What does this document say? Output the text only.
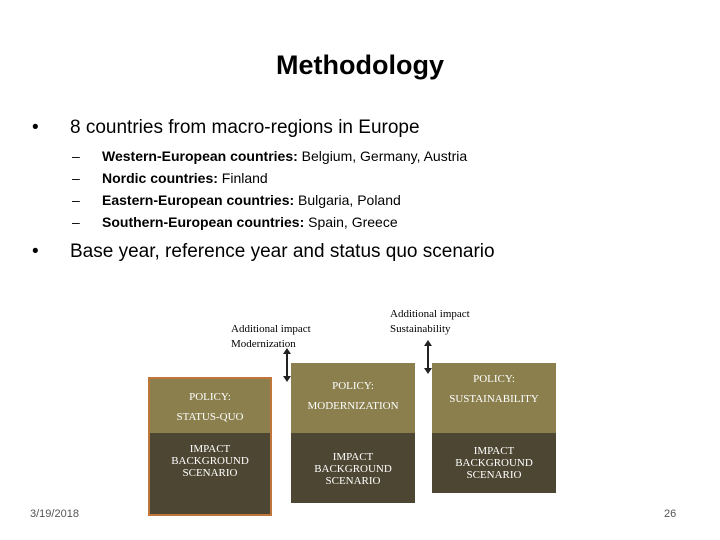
Methodology
• 8 countries from macro-regions in Europe
– Western-European countries: Belgium, Germany, Austria
– Nordic countries: Finland
– Eastern-European countries: Bulgaria, Poland
– Southern-European countries: Spain, Greece
• Base year, reference year and status quo scenario
Additional impact
Modernization
Additional impact
Sustainability
POLICY:
STATUS-QUO
IMPACT
BACKGROUND
SCENARIO
POLICY:
MODERNIZATION
IMPACT
BACKGROUND
SCENARIO
POLICY:
SUSTAINABILITY
IMPACT
BACKGROUND
SCENARIO
3/19/2018	26
